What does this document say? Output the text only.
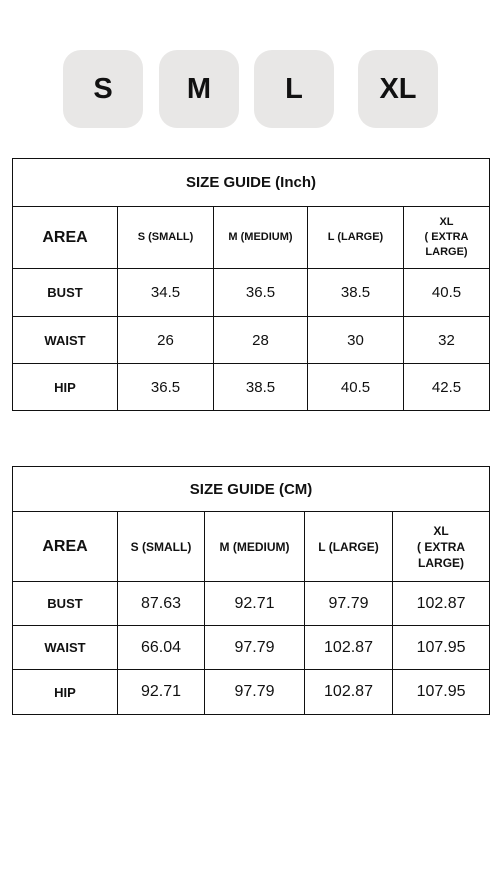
S	M	L	XL
SIZE GUIDE (Inch)				
AREA	S (SMALL)	M (MEDIUM)	L (LARGE)	XL
( EXTRA
LARGE)
BUST	34.5	36.5	38.5	40.5
WAIST	26	28	30	32
HIP	36.5	38.5	40.5	42.5
SIZE GUIDE (CM)				
AREA	S (SMALL)	M (MEDIUM)	L (LARGE)	XL
( EXTRA
LARGE)
BUST	87.63	92.71	97.79	102.87
WAIST	66.04	97.79	102.87	107.95
HIP	92.71	97.79	102.87	107.95
